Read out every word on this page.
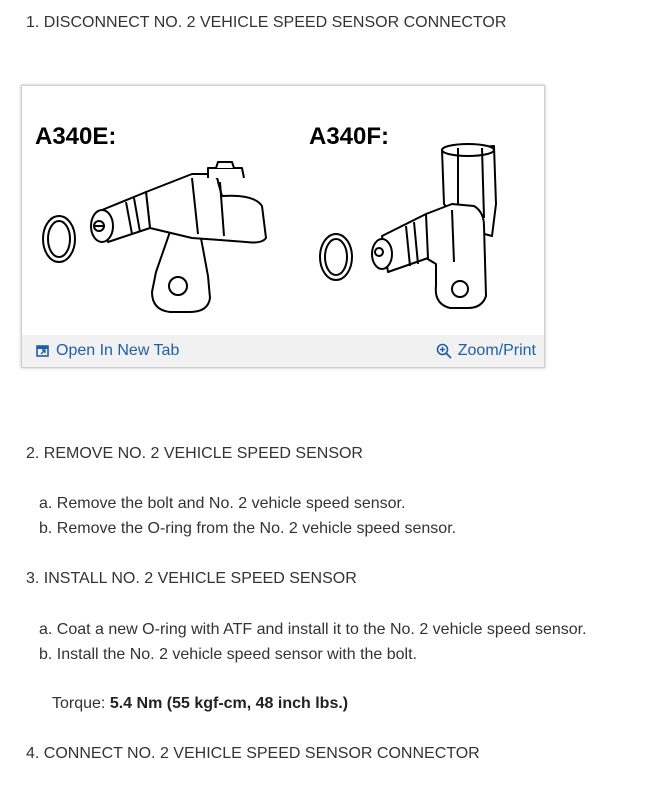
1. DISCONNECT NO. 2 VEHICLE SPEED SENSOR CONNECTOR
A340E:	A340F:
Open In New Tab	Zoom/Print
2. REMOVE NO. 2 VEHICLE SPEED SENSOR

a. Remove the bolt and No. 2 vehicle speed sensor.

b. Remove the O-ring from the No. 2 vehicle speed sensor.

3. INSTALL NO. 2 VEHICLE SPEED SENSOR

a. Coat a new O-ring with ATF and install it to the No. 2 vehicle speed sensor.

b. Install the No. 2 vehicle speed sensor with the bolt.

Torque: 5.4 Nm (55 kgf-cm, 48 inch lbs.)
4. CONNECT NO. 2 VEHICLE SPEED SENSOR CONNECTOR
